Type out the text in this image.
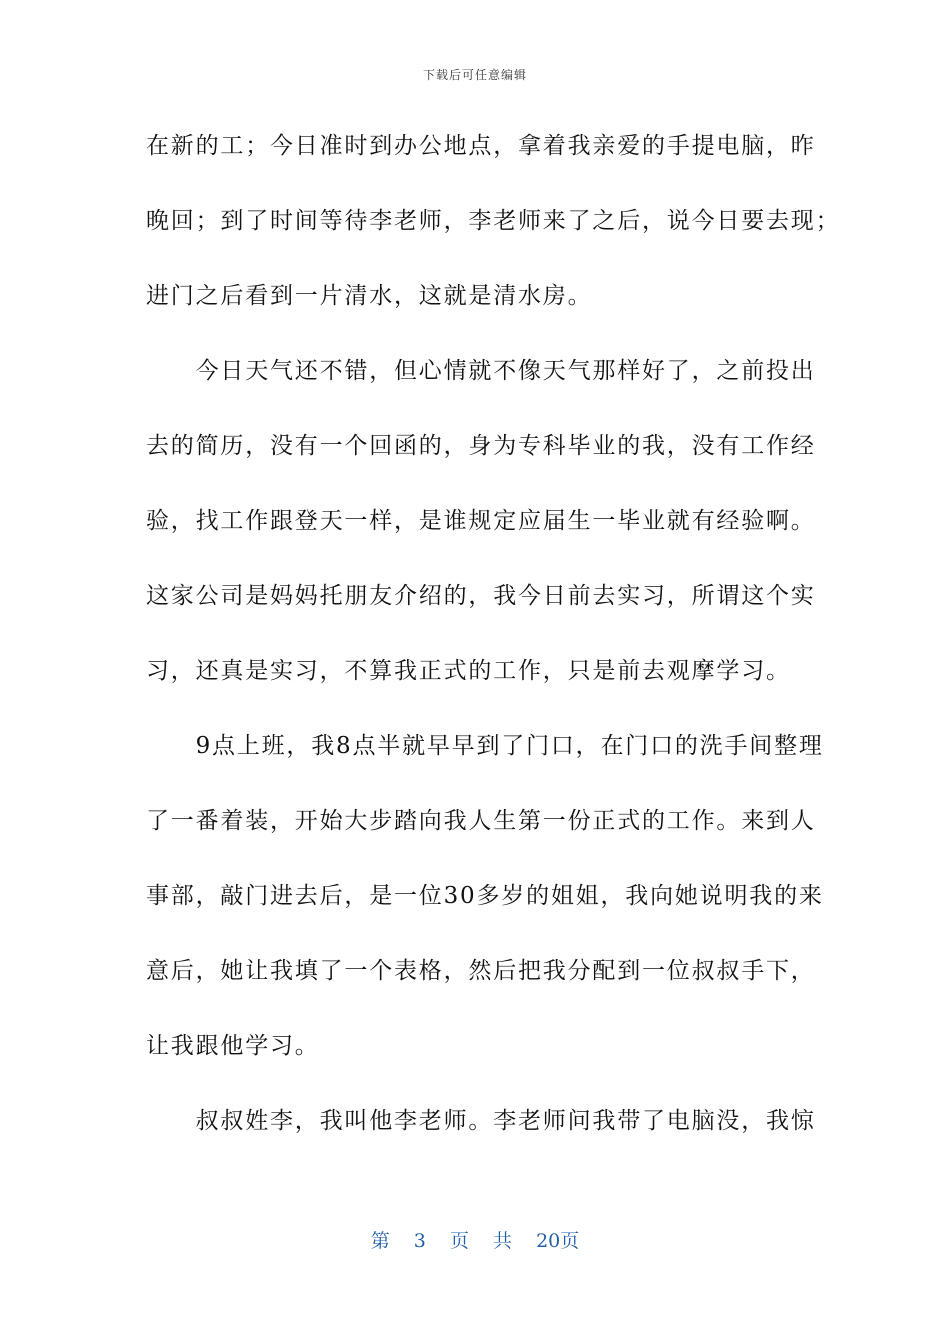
下载后可任意编辑
在新的工；今日准时到办公地点，拿着我亲爱的手提电脑，昨
晚回；到了时间等待李老师，李老师来了之后，说今日要去现；
进门之后看到一片清水，这就是清水房。
　　今日天气还不错，但心情就不像天气那样好了，之前投出
去的简历，没有一个回函的，身为专科毕业的我，没有工作经
验，找工作跟登天一样，是谁规定应届生一毕业就有经验啊。
这家公司是妈妈托朋友介绍的，我今日前去实习，所谓这个实
习，还真是实习，不算我正式的工作，只是前去观摩学习。
　　9点上班，我8点半就早早到了门口，在门口的洗手间整理
了一番着装，开始大步踏向我人生第一份正式的工作。来到人
事部，敲门进去后，是一位30多岁的姐姐，我向她说明我的来
意后，她让我填了一个表格，然后把我分配到一位叔叔手下，
让我跟他学习。
　　叔叔姓李，我叫他李老师。李老师问我带了电脑没，我惊
第 3 页 共 20页
